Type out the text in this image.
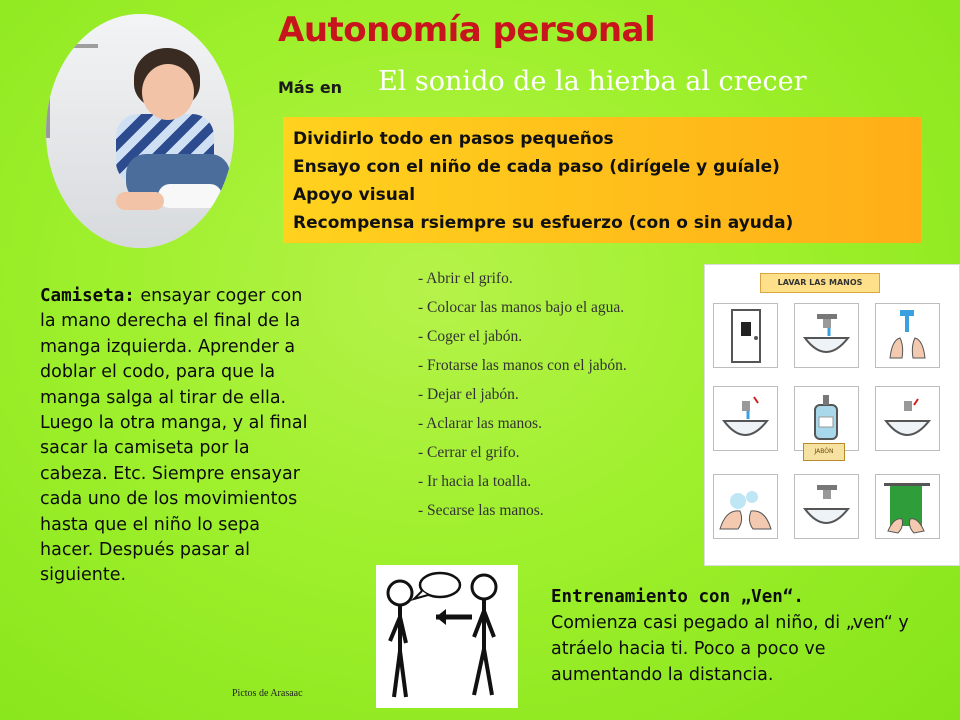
Autonomía personal
Más en El sonido de la hierba al crecer
Dividirlo todo en pasos pequeños
Ensayo con el niño de cada paso (dirígele y guíale)
Apoyo visual
Recompensa rsiempre su esfuerzo (con o sin ayuda)
Camiseta: ensayar coger con la mano derecha el final de la manga izquierda. Aprender a doblar el codo, para que la manga salga al tirar de ella. Luego la otra manga, y al final sacar la camiseta por la cabeza. Etc. Siempre ensayar cada uno de los movimientos hasta que el niño lo sepa hacer. Después pasar al siguiente.
- Abrir el grifo.
- Colocar las manos bajo el agua.
- Coger el jabón.
- Frotarse las manos con el jabón.
- Dejar el jabón.
- Aclarar las manos.
- Cerrar el grifo.
- Ir hacia la toalla.
- Secarse las manos.
LAVAR LAS MANOS
JABÓN
Entrenamiento con „Ven“.
Comienza casi pegado al niño, di „ven“ y atráelo hacia ti. Poco a poco ve aumentando la distancia.
Pictos de Arasaac
